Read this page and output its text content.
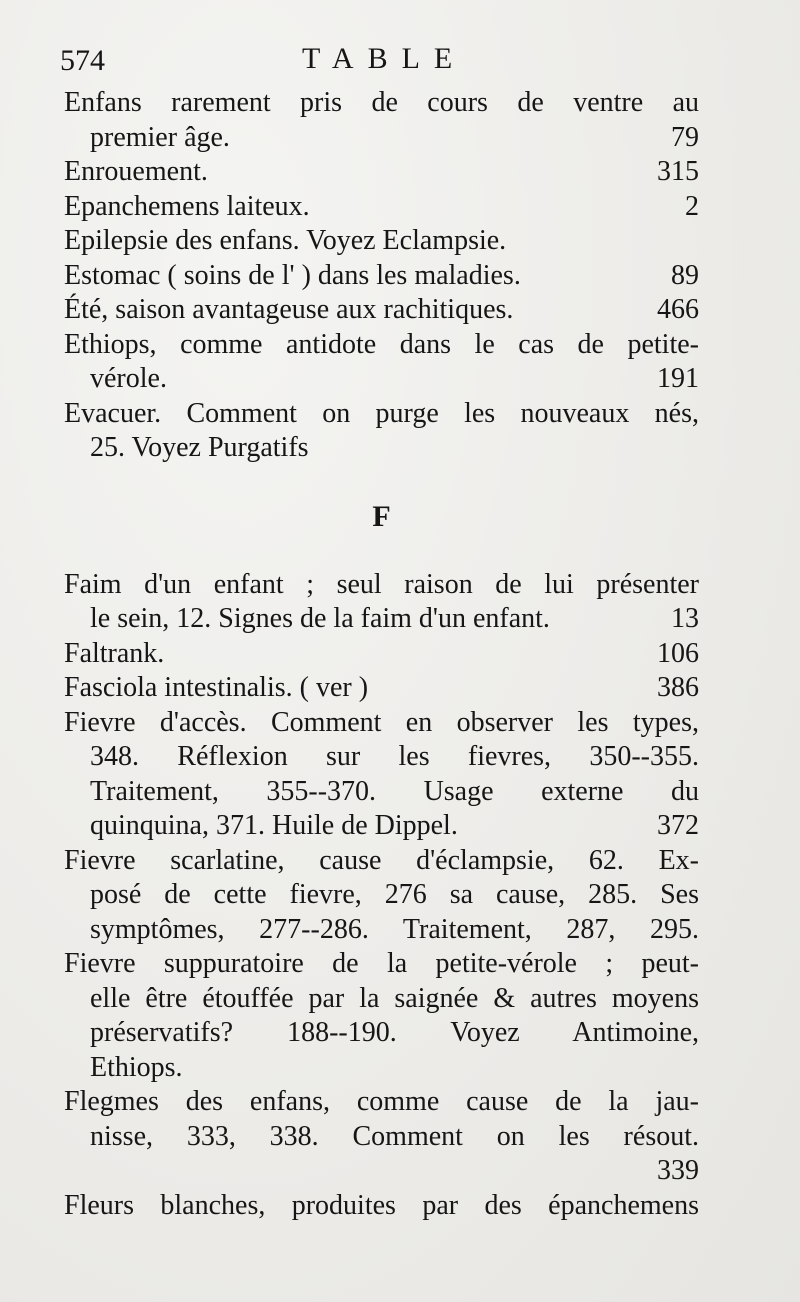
574	TABLE
Enfans rarement pris de cours de ventre au
premier âge.	79
Enrouement.	315
Epanchemens laiteux.	2
Epilepsie des enfans. Voyez Eclampsie.
Estomac ( soins de l' ) dans les maladies.	89
Été, saison avantageuse aux rachitiques.	466
Ethiops, comme antidote dans le cas de petite-
vérole.	191
Evacuer. Comment on purge les nouveaux nés,
25. Voyez Purgatifs
F
Faim d'un enfant ; seul raison de lui présenter
le sein, 12. Signes de la faim d'un enfant.	13
Faltrank.	106
Fasciola intestinalis. ( ver )	386
Fievre d'accès. Comment en observer les types,
348. Réflexion sur les fievres, 350--355.
Traitement, 355--370. Usage externe du
quinquina, 371. Huile de Dippel.	372
Fievre scarlatine, cause d'éclampsie, 62. Ex-
posé de cette fievre, 276 sa cause, 285. Ses
symptômes, 277--286. Traitement, 287, 295.
Fievre suppuratoire de la petite-vérole ; peut-
elle être étouffée par la saignée & autres moyens
préservatifs? 188--190. Voyez Antimoine,
Ethiops.
Flegmes des enfans, comme cause de la jau-
nisse, 333, 338. Comment on les résout.
339
Fleurs blanches, produites par des épanchemens
